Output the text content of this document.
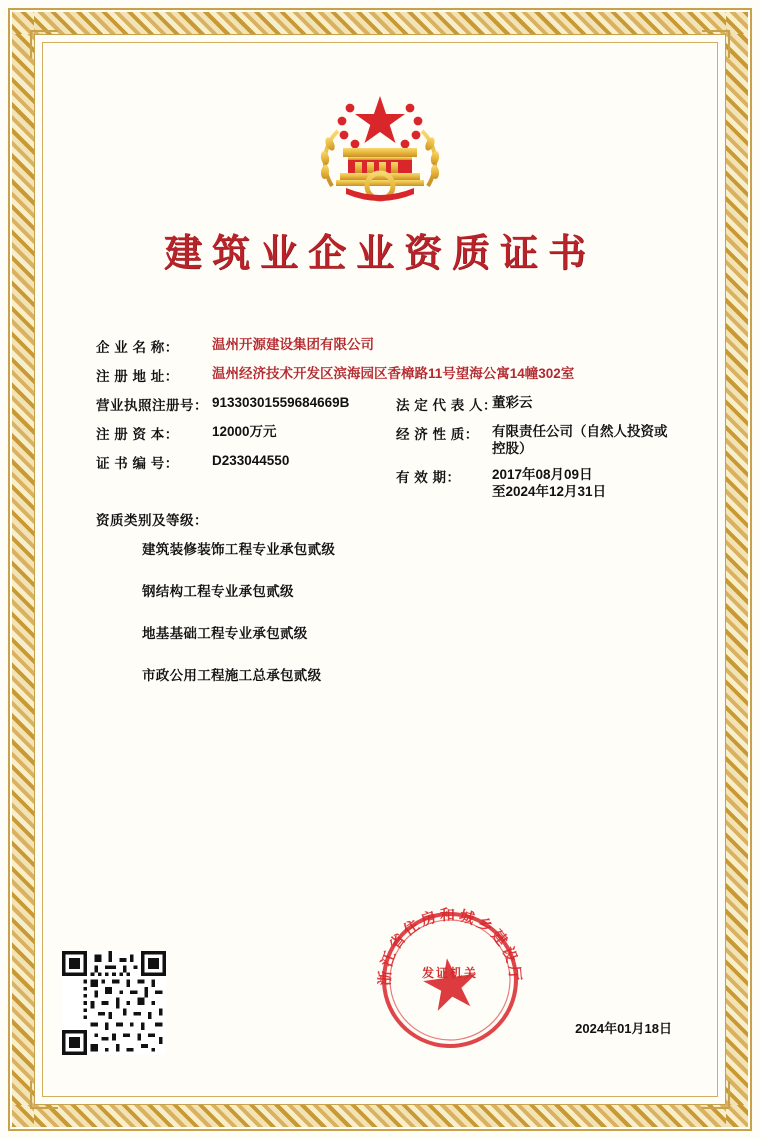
建筑业企业资质证书
企 业 名 称：	温州开源建设集团有限公司
注 册 地 址：	温州经济技术开发区滨海园区香樟路11号望海公寓14幢302室
营业执照注册号： 91330301559684669B
注 册 资 本：	12000万元
证 书 编 号：	D233044550
法 定 代 表 人：
董彩云
经 济 性 质： 有限责任公司（自然人投资或控股）
有 效 期：	2017年08月09日
至2024年12月31日
资质类别及等级：
建筑装修装饰工程专业承包贰级
钢结构工程专业承包贰级
地基基础工程专业承包贰级
市政公用工程施工总承包贰级
浙江省住房和城乡建设厅
发证机关
2024年01月18日
